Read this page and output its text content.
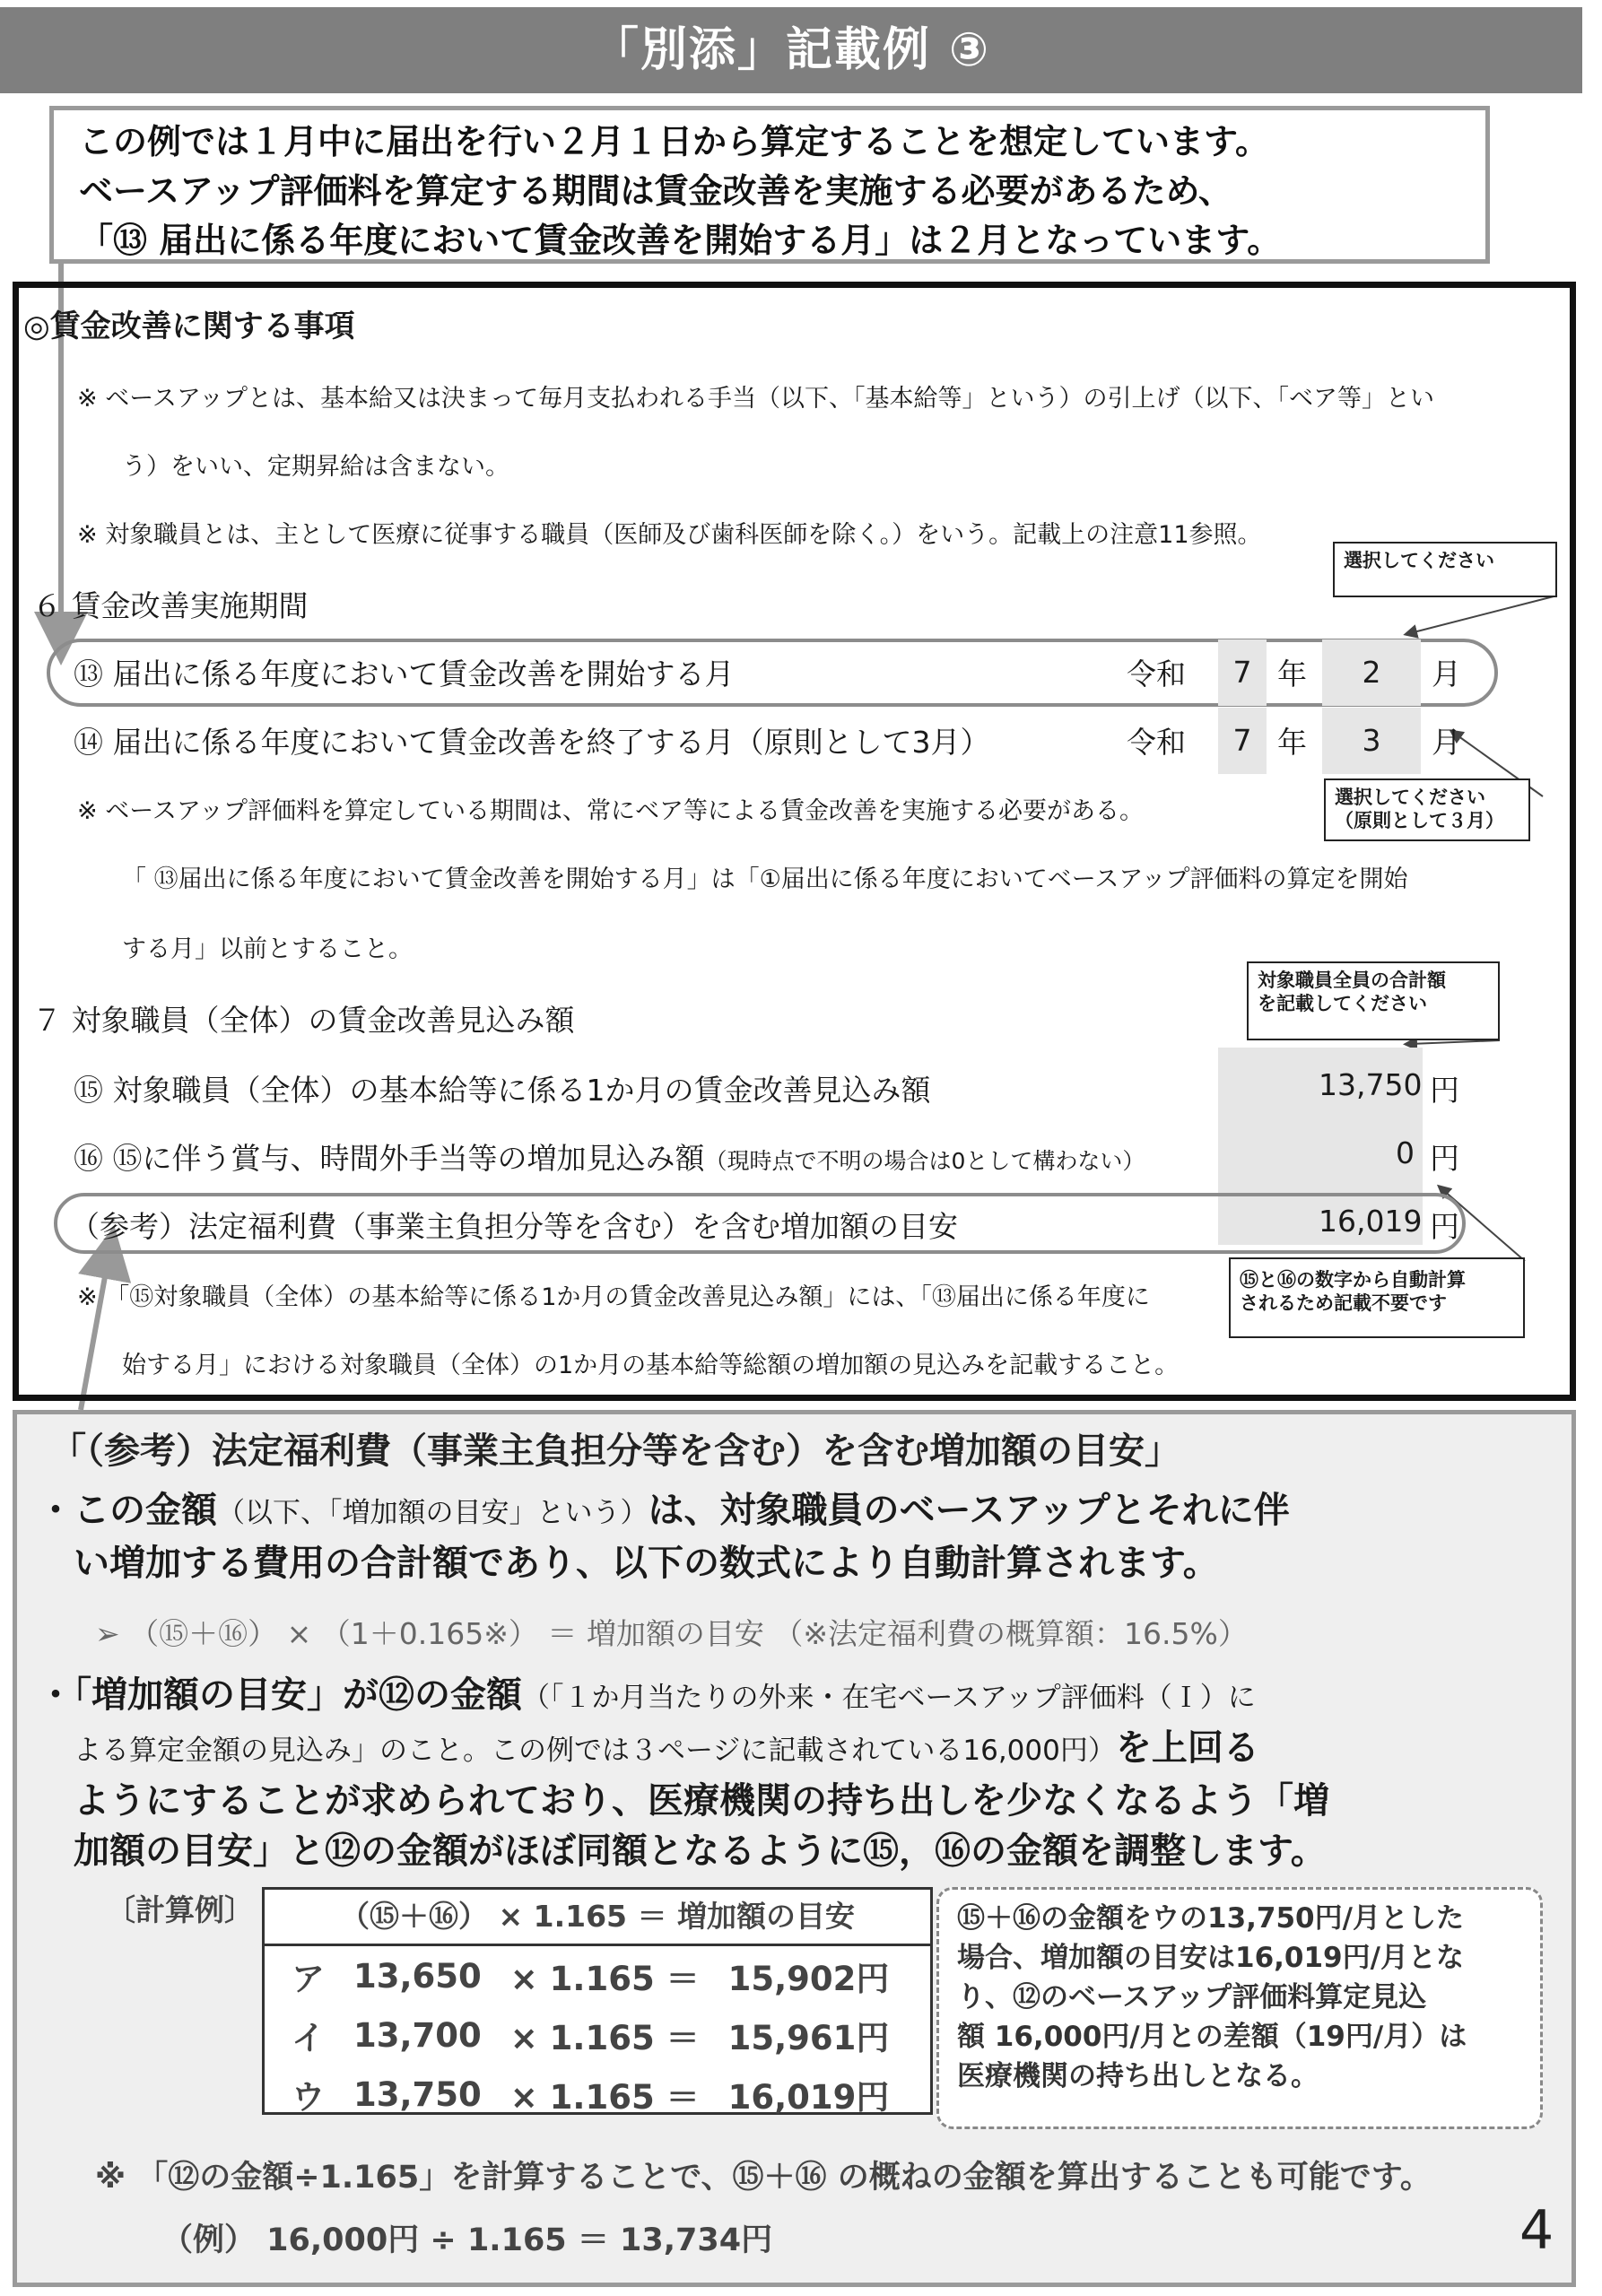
「別添」記載例 ③
この例では１月中に届出を行い２月１日から算定することを想定しています。
ベースアップ評価料を算定する期間は賃金改善を実施する必要があるため、
「⑬ 届出に係る年度において賃金改善を開始する月」は２月となっています。
◎賃金改善に関する事項
※ ベースアップとは、基本給又は決まって毎月支払われる手当（以下、「基本給等」という）の引上げ（以下、「ベア等」とい
う）をいい、定期昇給は含まない。
※ 対象職員とは、主として医療に従事する職員（医師及び歯科医師を除く。）をいう。記載上の注意11参照。
６ 賃金改善実施期間
⑬ 届出に係る年度において賃金改善を開始する月	令和	7 年	2	月
⑭ 届出に係る年度において賃金改善を終了する月（原則として3月）	令和	7 年	3	月
※ ベースアップ評価料を算定している期間は、常にベア等による賃金改善を実施する必要がある。
「 ⑬届出に係る年度において賃金改善を開始する月」は「①届出に係る年度においてベースアップ評価料の算定を開始
する月」以前とすること。
７ 対象職員（全体）の賃金改善見込み額
⑮ 対象職員（全体）の基本給等に係る1か月の賃金改善見込み額	13,750 円
⑯ ⑮に伴う賞与、時間外手当等の増加見込み額（現時点で不明の場合は0として構わない）	0 円
（参考）法定福利費（事業主負担分等を含む）を含む増加額の目安	16,019 円
※ 「⑮対象職員（全体）の基本給等に係る1か月の賃金改善見込み額」には、「⑬届出に係る年度に
始する月」における対象職員（全体）の1か月の基本給等総額の増加額の見込みを記載すること。
選択してください
選択してください
（原則として３月）
対象職員全員の合計額
を記載してください
⑮と⑯の数字から自動計算
されるため記載不要です
「（参考）法定福利費（事業主負担分等を含む）を含む増加額の目安」
・この金額（以下、「増加額の目安」という）は、対象職員のベースアップとそれに伴
い増加する費用の合計額であり、以下の数式により自動計算されます。
➢ （⑮＋⑯） × （1＋0.165※） ＝ 増加額の目安 （※法定福利費の概算額：16.5%）
・「増加額の目安」が⑫の金額（「１か月当たりの外来・在宅ベースアップ評価料（Ｉ）に
よる算定金額の見込み」のこと。この例では３ページに記載されている16,000円）を上回る
ようにすることが求められており、医療機関の持ち出しを少なくなるよう「増
加額の目安」と⑫の金額がほぼ同額となるように⑮，⑯の金額を調整します。
〔計算例〕	（⑮＋⑯） × 1.165 ＝ 増加額の目安
ア	13,650	× 1.165 ＝	15,902円
イ	13,700	× 1.165 ＝	15,961円
ウ	13,750	× 1.165 ＝	16,019円
⑮＋⑯の金額をウの13,750円/月とした
場合、増加額の目安は16,019円/月とな
り、⑫のベースアップ評価料算定見込
額 16,000円/月との差額（19円/月）は
医療機関の持ち出しとなる。
※ 「⑫の金額÷1.165」を計算することで、⑮＋⑯ の概ねの金額を算出することも可能です。
（例） 16,000円 ÷ 1.165 ＝ 13,734円	4
